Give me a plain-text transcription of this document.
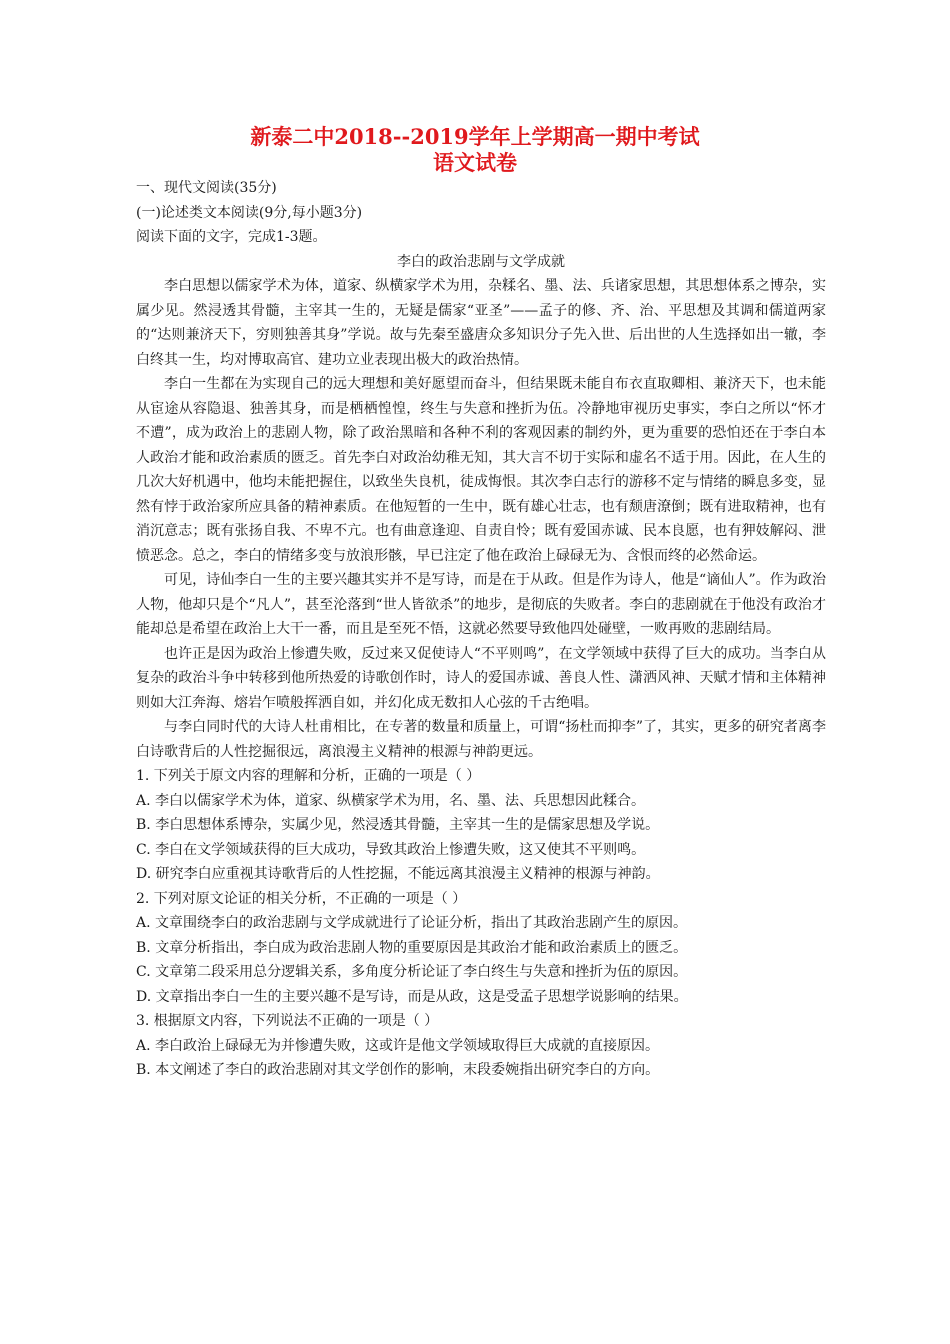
新泰二中2018--2019学年上学期高一期中考试
语文试卷

一、现代文阅读(35分)

(一)论述类文本阅读(9分,每小题3分)

阅读下面的文字，完成1-3题。

李白的政治悲剧与文学成就

李白思想以儒家学术为体，道家、纵横家学术为用，杂糅名、墨、法、兵诸家思想，其思想体系之博杂，实属少见。然浸透其骨髓，主宰其一生的，无疑是儒家“亚圣”——孟子的修、齐、治、平思想及其调和儒道两家的“达则兼济天下，穷则独善其身”学说。故与先秦至盛唐众多知识分子先入世、后出世的人生选择如出一辙，李白终其一生，均对博取高官、建功立业表现出极大的政治热情。

李白一生都在为实现自己的远大理想和美好愿望而奋斗，但结果既未能自布衣直取卿相、兼济天下，也未能从宦途从容隐退、独善其身，而是栖栖惶惶，终生与失意和挫折为伍。冷静地审视历史事实，李白之所以“怀才不遭”，成为政治上的悲剧人物，除了政治黑暗和各种不利的客观因素的制约外，更为重要的恐怕还在于李白本人政治才能和政治素质的匮乏。首先李白对政治幼稚无知，其大言不切于实际和虚名不适于用。因此，在人生的几次大好机遇中，他均未能把握住，以致坐失良机，徒成悔恨。其次李白志行的游移不定与情绪的瞬息多变，显然有悖于政治家所应具备的精神素质。在他短暂的一生中，既有雄心壮志，也有颓唐潦倒；既有进取精神，也有消沉意志；既有张扬自我、不卑不亢。也有曲意逢迎、自责自怜；既有爱国赤诚、民本良愿，也有狎妓解闷、泄愤恶念。总之，李白的情绪多变与放浪形骸，早已注定了他在政治上碌碌无为、含恨而终的必然命运。

可见，诗仙李白一生的主要兴趣其实并不是写诗，而是在于从政。但是作为诗人，他是“谪仙人”。作为政治人物，他却只是个“凡人”，甚至沦落到“世人皆欲杀”的地步，是彻底的失败者。李白的悲剧就在于他没有政治才能却总是希望在政治上大干一番，而且是至死不悟，这就必然要导致他四处碰壁，一败再败的悲剧结局。

也许正是因为政治上惨遭失败，反过来又促使诗人“不平则鸣”，在文学领域中获得了巨大的成功。当李白从复杂的政治斗争中转移到他所热爱的诗歌创作时，诗人的爱国赤诚、善良人性、潇洒风神、天赋才情和主体精神则如大江奔海、熔岩乍喷般挥洒自如，并幻化成无数扣人心弦的千古绝唱。

与李白同时代的大诗人杜甫相比，在专著的数量和质量上，可谓“扬杜而抑李”了，其实，更多的研究者离李白诗歌背后的人性挖掘很远，离浪漫主义精神的根源与神韵更远。

1. 下列关于原文内容的理解和分析，正确的一项是（ ）

A. 李白以儒家学术为体，道家、纵横家学术为用，名、墨、法、兵思想因此糅合。

B. 李白思想体系博杂，实属少见，然浸透其骨髓，主宰其一生的是儒家思想及学说。

C. 李白在文学领域获得的巨大成功，导致其政治上惨遭失败，这又使其不平则鸣。

D. 研究李白应重视其诗歌背后的人性挖掘，不能远离其浪漫主义精神的根源与神韵。

2. 下列对原文论证的相关分析，不正确的一项是（ ）

A. 文章围绕李白的政治悲剧与文学成就进行了论证分析，指出了其政治悲剧产生的原因。

B. 文章分析指出，李白成为政治悲剧人物的重要原因是其政治才能和政治素质上的匮乏。

C. 文章第二段采用总分逻辑关系，多角度分析论证了李白终生与失意和挫折为伍的原因。

D. 文章指出李白一生的主要兴趣不是写诗，而是从政，这是受孟子思想学说影响的结果。

3. 根据原文内容，下列说法不正确的一项是（ ）

A. 李白政治上碌碌无为并惨遭失败，这或许是他文学领域取得巨大成就的直接原因。

B. 本文阐述了李白的政治悲剧对其文学创作的影响，末段委婉指出研究李白的方向。
